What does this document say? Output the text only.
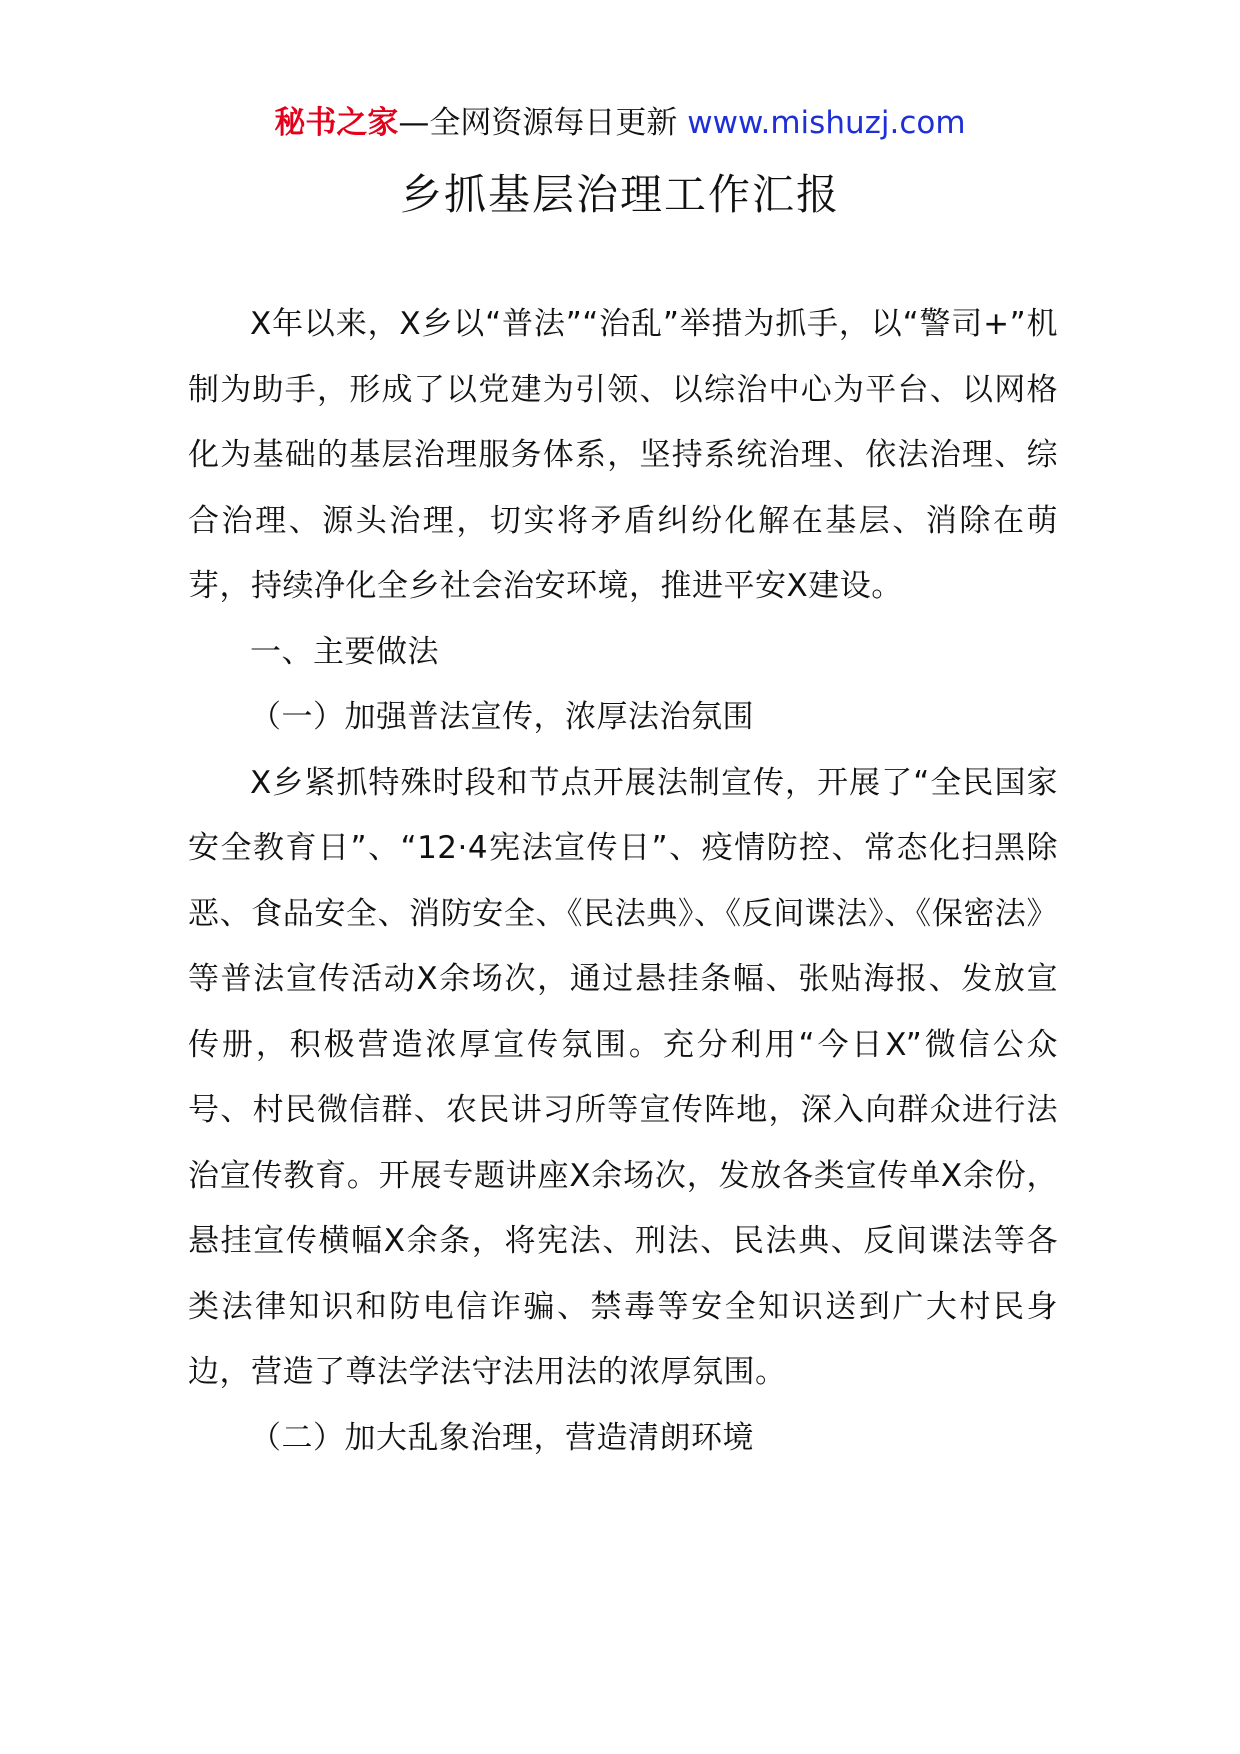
秘书之家—全网资源每日更新 www.mishuzj.com
乡抓基层治理工作汇报

X年以来，X乡以“普法”“治乱”举措为抓手，以“警司+”机制为助手，形成了以党建为引领、以综治中心为平台、以网格化为基础的基层治理服务体系，坚持系统治理、依法治理、综合治理、源头治理，切实将矛盾纠纷化解在基层、消除在萌芽，持续净化全乡社会治安环境，推进平安X建设。

一、主要做法

（一）加强普法宣传，浓厚法治氛围

X乡紧抓特殊时段和节点开展法制宣传，开展了“全民国家安全教育日”、“12·4宪法宣传日”、疫情防控、常态化扫黑除恶、食品安全、消防安全、《民法典》、《反间谍法》、《保密法》等普法宣传活动X余场次，通过悬挂条幅、张贴海报、发放宣传册，积极营造浓厚宣传氛围。充分利用“今日X”微信公众号、村民微信群、农民讲习所等宣传阵地，深入向群众进行法治宣传教育。开展专题讲座X余场次，发放各类宣传单X余份，悬挂宣传横幅X余条，将宪法、刑法、民法典、反间谍法等各类法律知识和防电信诈骗、禁毒等安全知识送到广大村民身边，营造了尊法学法守法用法的浓厚氛围。

（二）加大乱象治理，营造清朗环境
